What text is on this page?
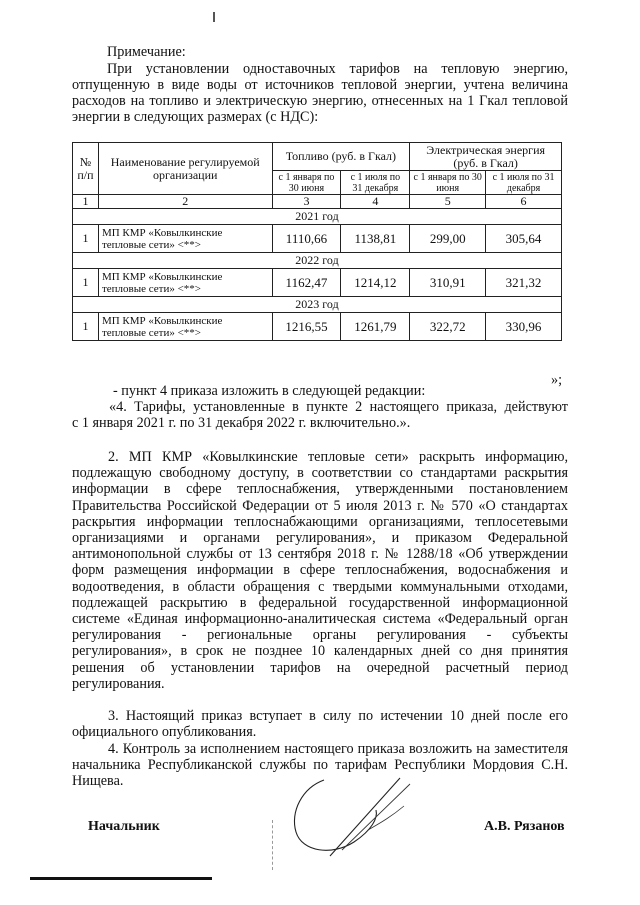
Примечание:
При установлении одноставочных тарифов на тепловую энергию,
отпущенную в виде воды от источников тепловой энергии, учтена величина
расходов на топливо и электрическую энергию, отнесенных на 1 Гкал тепловой
энергии в следующих размерах (с НДС):
№ п/п	Наименование регулируемой организации	Топливо (руб. в Гкал)		Электрическая энергия (руб. в Гкал)	
		с 1 января по 30 июня	с 1 июля по 31 декабря	с 1 января по 30 июня	с 1 июля по 31 декабря
1	2	3	4	5	6
2021 год					
1	МП КМР «Ковылкинские тепловые сети» <**>	1110,66	1138,81	299,00	305,64
2022 год					
1	МП КМР «Ковылкинские тепловые сети» <**>	1162,47	1214,12	310,91	321,32
2023 год					
1	МП КМР «Ковылкинские тепловые сети» <**>	1216,55	1261,79	322,72	330,96
»;
- пункт 4 приказа изложить в следующей редакции:
«4. Тарифы, установленные в пункте 2 настоящего приказа, действуют
с 1 января 2021 г. по 31 декабря 2022 г. включительно.».

2. МП КМР «Ковылкинские тепловые сети» раскрыть информацию, подлежащую свободному доступу, в соответствии со стандартами раскрытия информации в сфере теплоснабжения, утвержденными постановлением Правительства Российской Федерации от 5 июля 2013 г. № 570 «О стандартах раскрытия информации теплоснабжающими организациями, теплосетевыми организациями и органами регулирования», и приказом Федеральной антимонопольной службы от 13 сентября 2018 г. № 1288/18 «Об утверждении форм размещения информации в сфере теплоснабжения, водоснабжения и водоотведения, в области обращения с твердыми коммунальными отходами, подлежащей раскрытию в федеральной государственной информационной системе «Единая информационно-аналитическая система «Федеральный орган регулирования - региональные органы регулирования - субъекты регулирования», в срок не позднее 10 календарных дней со дня принятия решения об установлении тарифов на очередной расчетный период регулирования.

3. Настоящий приказ вступает в силу по истечении 10 дней после его официального опубликования.

4. Контроль за исполнением настоящего приказа возложить на заместителя начальника Республиканской службы по тарифам Республики Мордовия С.Н. Нищева.

Начальник	А.В. Рязанов
